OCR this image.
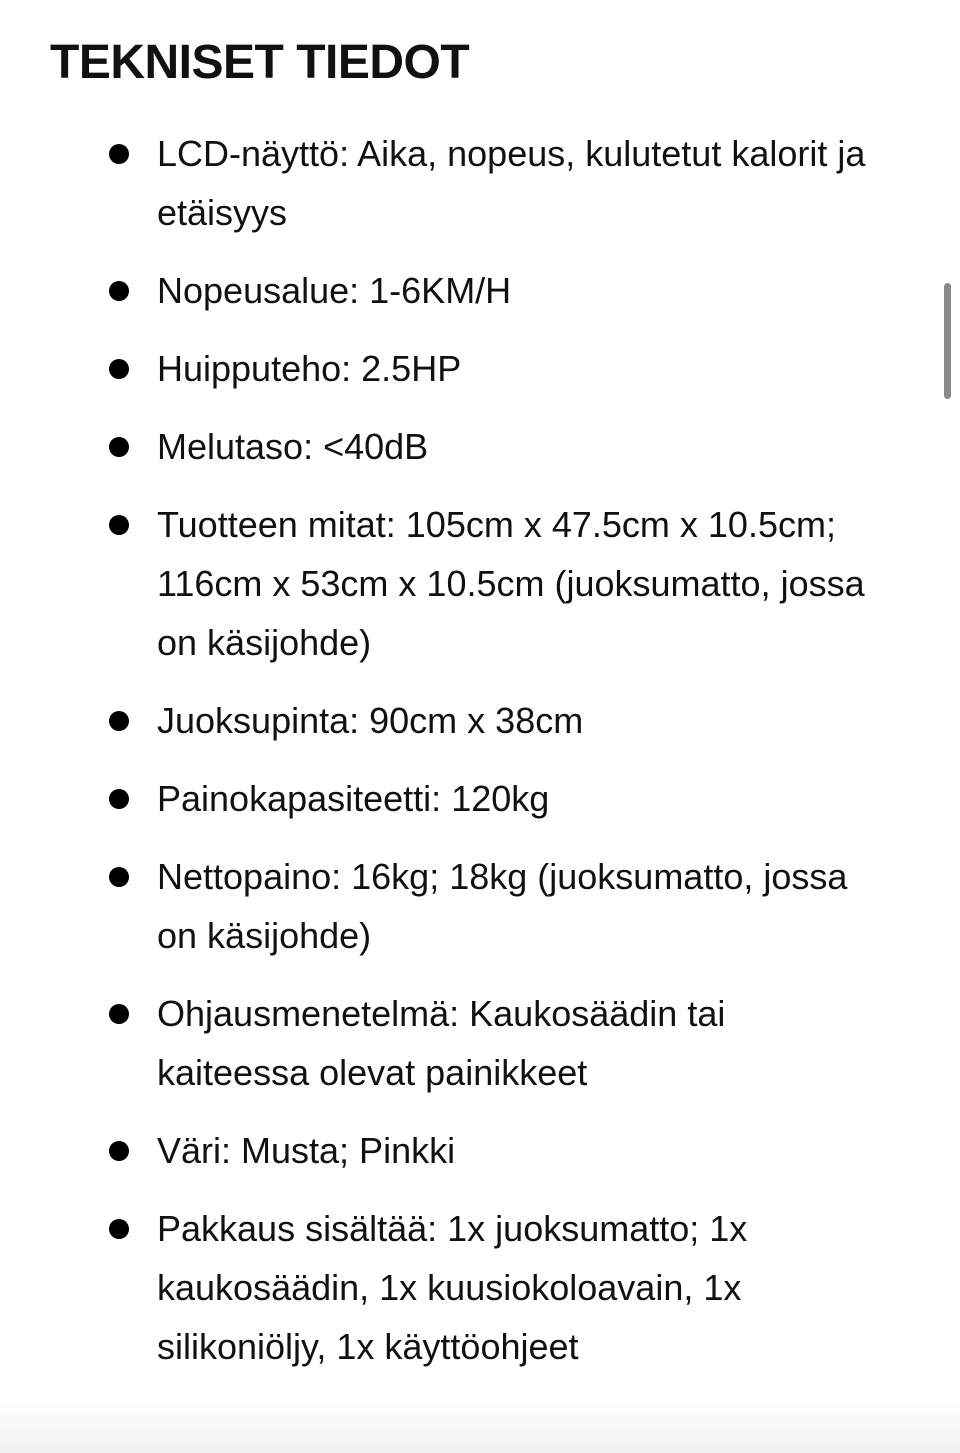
TEKNISET TIEDOT
LCD-näyttö: Aika, nopeus, kulutetut kalorit ja etäisyys
Nopeusalue: 1-6KM/H
Huipputeho: 2.5HP
Melutaso: <40dB
Tuotteen mitat: 105cm x 47.5cm x 10.5cm; 116cm x 53cm x 10.5cm (juoksumatto, jossa on käsijohde)
Juoksupinta: 90cm x 38cm
Painokapasiteetti: 120kg
Nettopaino: 16kg; 18kg (juoksumatto, jossa on käsijohde)
Ohjausmenetelmä: Kaukosäädin tai kaiteessa olevat painikkeet
Väri: Musta; Pinkki
Pakkaus sisältää: 1x juoksumatto; 1x kaukosäädin, 1x kuusiokoloavain, 1x silikoniöljy, 1x käyttöohjeet
